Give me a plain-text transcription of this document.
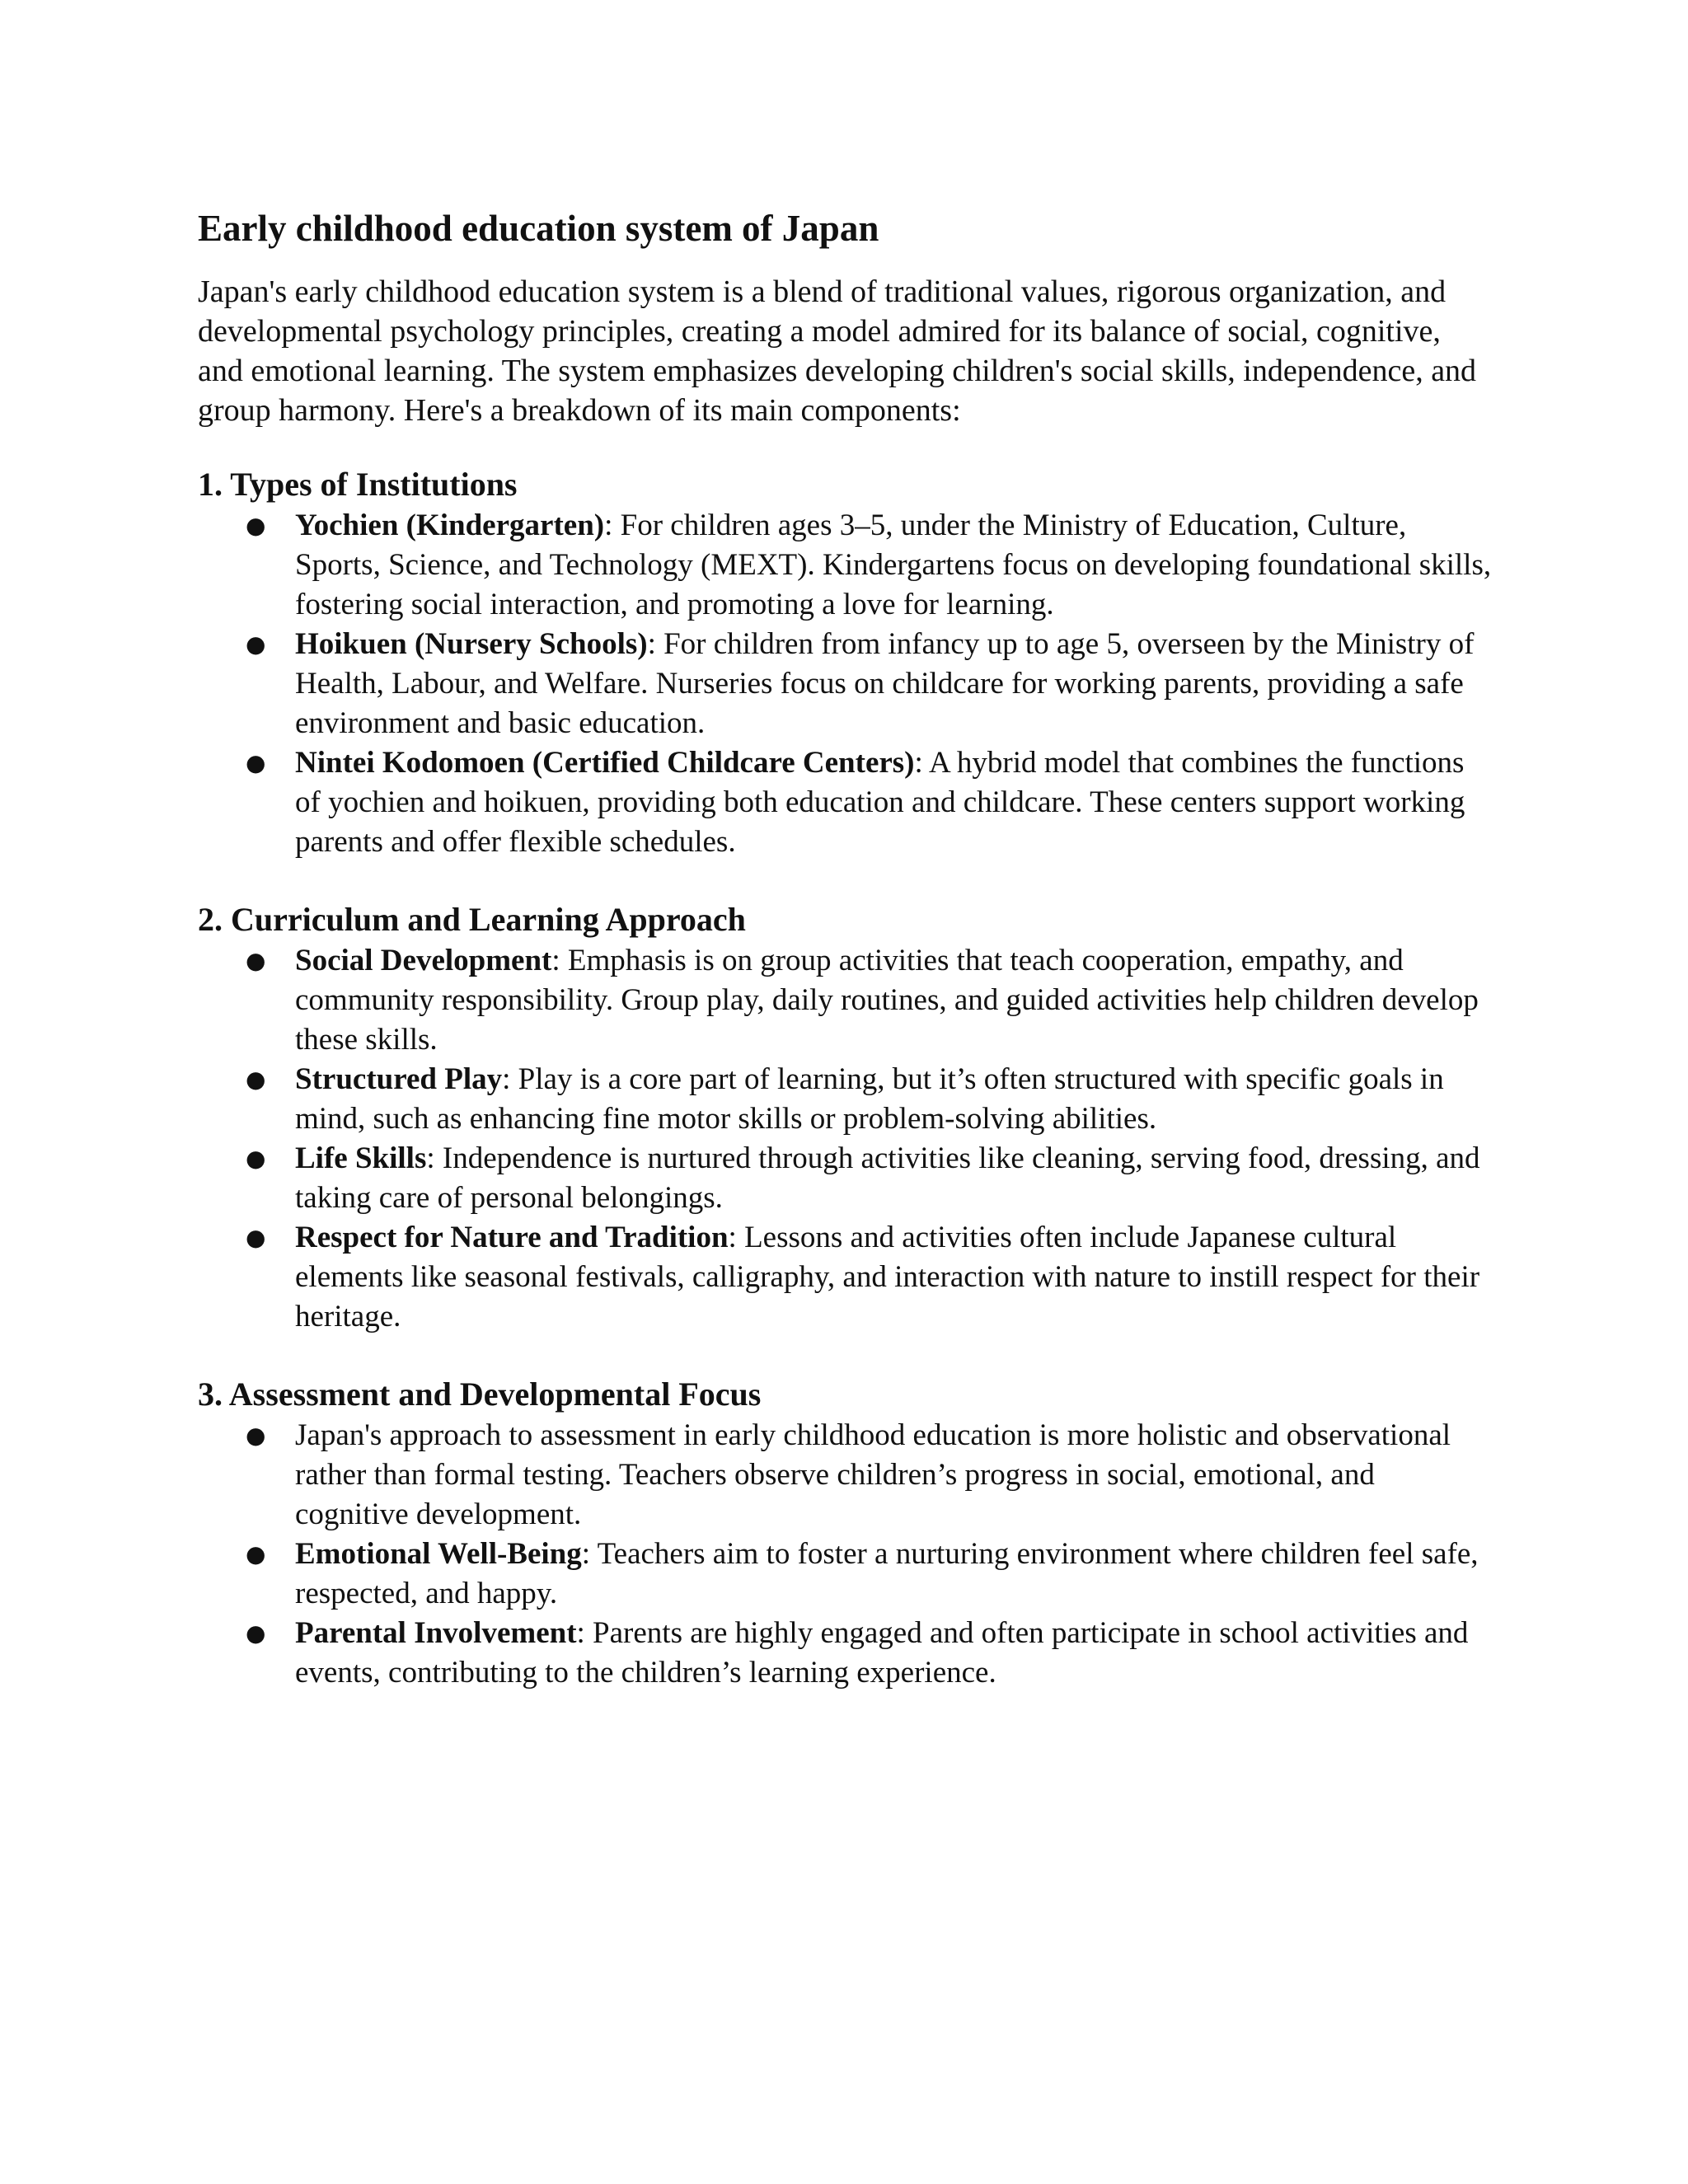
Early childhood education system of Japan

Japan's early childhood education system is a blend of traditional values, rigorous organization, and developmental psychology principles, creating a model admired for its balance of social, cognitive, and emotional learning. The system emphasizes developing children's social skills, independence, and group harmony. Here's a breakdown of its main components:

1. Types of Institutions
● Yochien (Kindergarten): For children ages 3–5, under the Ministry of Education, Culture, Sports, Science, and Technology (MEXT). Kindergartens focus on developing foundational skills, fostering social interaction, and promoting a love for learning.
● Hoikuen (Nursery Schools): For children from infancy up to age 5, overseen by the Ministry of Health, Labour, and Welfare. Nurseries focus on childcare for working parents, providing a safe environment and basic education.
● Nintei Kodomoen (Certified Childcare Centers): A hybrid model that combines the functions of yochien and hoikuen, providing both education and childcare. These centers support working parents and offer flexible schedules.
2. Curriculum and Learning Approach
● Social Development: Emphasis is on group activities that teach cooperation, empathy, and community responsibility. Group play, daily routines, and guided activities help children develop these skills.
● Structured Play: Play is a core part of learning, but it’s often structured with specific goals in mind, such as enhancing fine motor skills or problem-solving abilities.
● Life Skills: Independence is nurtured through activities like cleaning, serving food, dressing, and taking care of personal belongings.
● Respect for Nature and Tradition: Lessons and activities often include Japanese cultural elements like seasonal festivals, calligraphy, and interaction with nature to instill respect for their heritage.
3. Assessment and Developmental Focus
● Japan's approach to assessment in early childhood education is more holistic and observational rather than formal testing. Teachers observe children’s progress in social, emotional, and cognitive development.
● Emotional Well-Being: Teachers aim to foster a nurturing environment where children feel safe, respected, and happy.
● Parental Involvement: Parents are highly engaged and often participate in school activities and events, contributing to the children’s learning experience.
